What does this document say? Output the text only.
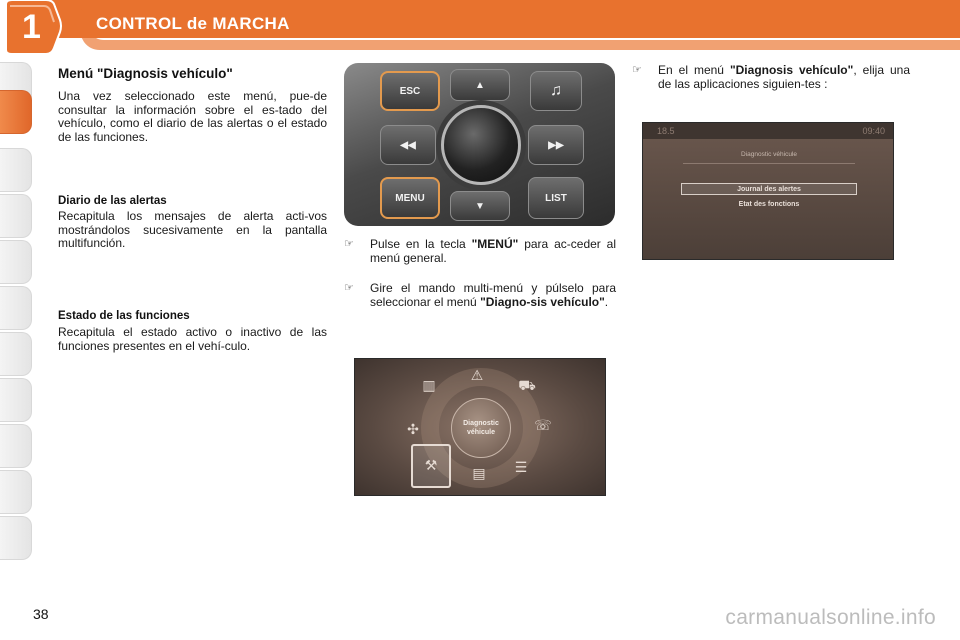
1	CONTROL de MARCHA
Menú "Diagnosis vehículo"
Una vez seleccionado este menú, pue-de consultar la información sobre el es-tado del vehículo, como el diario de las alertas o el estado de las funciones.
Diario de las alertas
Recapitula los mensajes de alerta acti-vos mostrándolos sucesivamente en la pantalla multifunción.
Estado de las funciones
Recapitula el estado activo o inactivo de las funciones presentes en el vehí-culo.
ESC
▲	♫
◀◀	▶▶
MENU
▼
LIST
☞ Pulse en la tecla "MENÚ" para ac-ceder al menú general.
☞ Gire el mando multi-menú y púlselo para seleccionar el menú "Diagno-sis vehículo".
▥
⚠
⛟
✣	☏
⚒	▤ ☰
Diagnostic
véhicule
☞ En el menú "Diagnosis vehículo", elija una de las aplicaciones siguien-tes :
18.5	09:40
Diagnostic véhicule
Journal des alertes
Etat des fonctions
38	carmanualsonline.info
